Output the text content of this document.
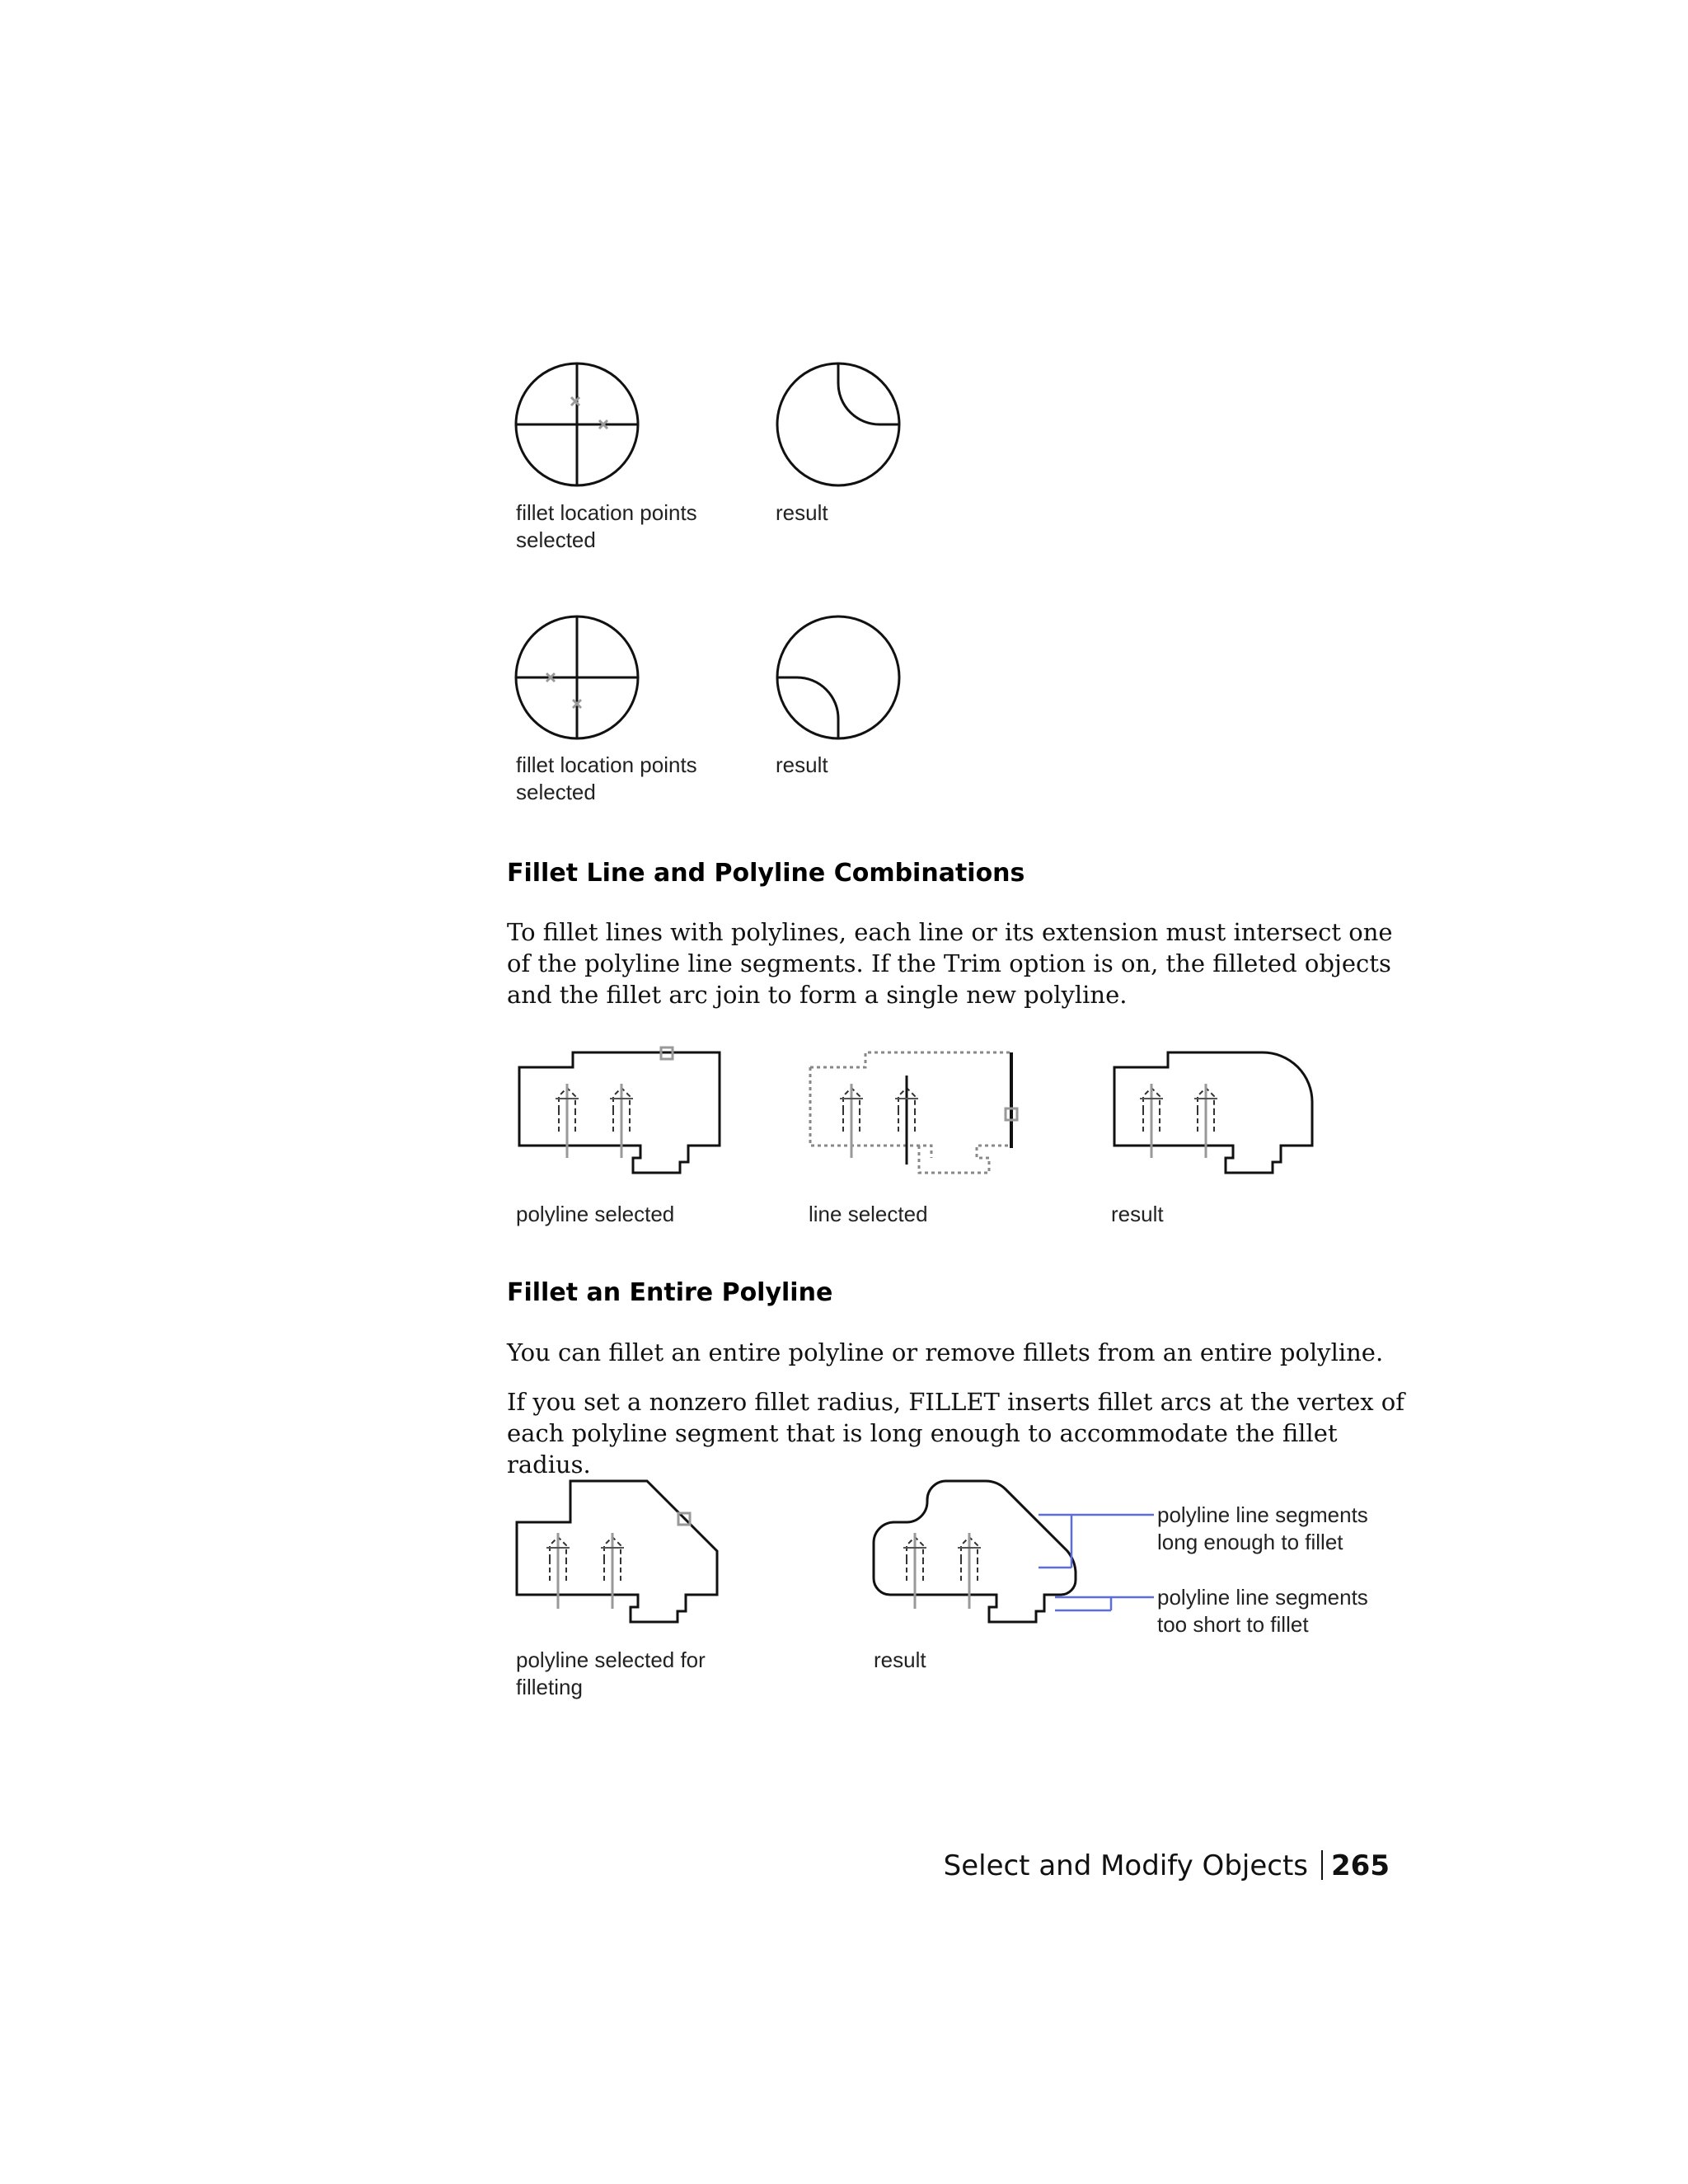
fillet location points
selected
result
fillet location points
selected
result
Fillet Line and Polyline Combinations

To fillet lines with polylines, each line or its extension must intersect one of the polyline line segments. If the Trim option is on, the filleted objects and the fillet arc join to form a single new polyline.

polyline selected	line selected	result
Fillet an Entire Polyline

You can fillet an entire polyline or remove fillets from an entire polyline.

If you set a nonzero fillet radius, FILLET inserts fillet arcs at the vertex of each polyline segment that is long enough to accommodate the fillet radius.

polyline line segments
long enough to fillet
polyline line segments
too short to fillet
polyline selected for
filleting
result
Select and Modify Objects 265
